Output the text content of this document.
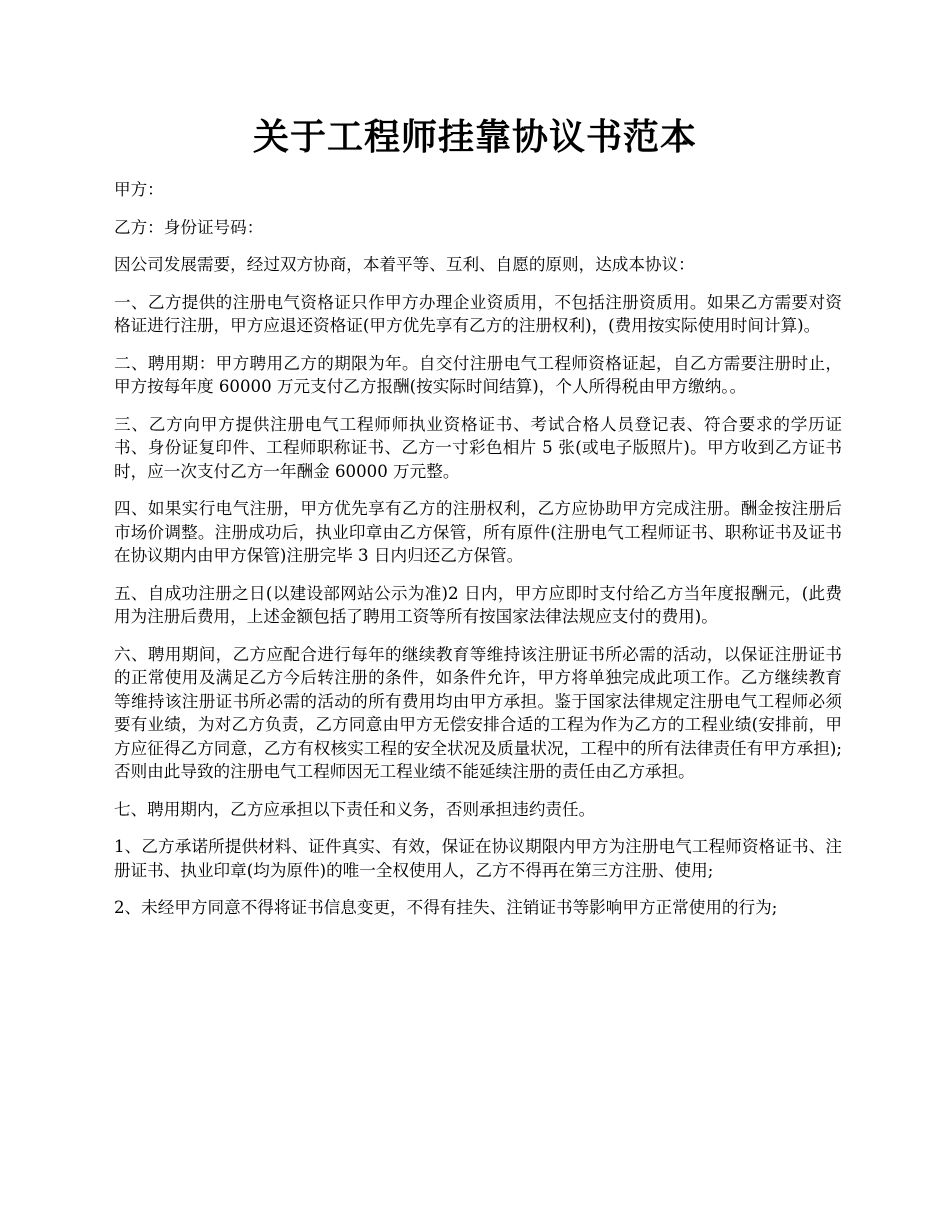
关于工程师挂靠协议书范本

甲方：

乙方：身份证号码：

因公司发展需要，经过双方协商，本着平等、互利、自愿的原则，达成本协议：

一、乙方提供的注册电气资格证只作甲方办理企业资质用，不包括注册资质用。如果乙方需要对资格证进行注册，甲方应退还资格证(甲方优先享有乙方的注册权利)，(费用按实际使用时间计算)。

二、聘用期：甲方聘用乙方的期限为年。自交付注册电气工程师资格证起，自乙方需要注册时止，甲方按每年度 60000 万元支付乙方报酬(按实际时间结算)，个人所得税由甲方缴纳。。

三、乙方向甲方提供注册电气工程师师执业资格证书、考试合格人员登记表、符合要求的学历证书、身份证复印件、工程师职称证书、乙方一寸彩色相片 5 张(或电子版照片)。甲方收到乙方证书时，应一次支付乙方一年酬金 60000 万元整。

四、如果实行电气注册，甲方优先享有乙方的注册权利，乙方应协助甲方完成注册。酬金按注册后市场价调整。注册成功后，执业印章由乙方保管，所有原件(注册电气工程师证书、职称证书及证书在协议期内由甲方保管)注册完毕 3 日内归还乙方保管。

五、自成功注册之日(以建设部网站公示为准)2 日内，甲方应即时支付给乙方当年度报酬元，(此费用为注册后费用，上述金额包括了聘用工资等所有按国家法律法规应支付的费用)。

六、聘用期间，乙方应配合进行每年的继续教育等维持该注册证书所必需的活动，以保证注册证书的正常使用及满足乙方今后转注册的条件，如条件允许，甲方将单独完成此项工作。乙方继续教育等维持该注册证书所必需的活动的所有费用均由甲方承担。鉴于国家法律规定注册电气工程师必须要有业绩，为对乙方负责，乙方同意由甲方无偿安排合适的工程为作为乙方的工程业绩(安排前，甲方应征得乙方同意，乙方有权核实工程的安全状况及质量状况，工程中的所有法律责任有甲方承担);否则由此导致的注册电气工程师因无工程业绩不能延续注册的责任由乙方承担。

七、聘用期内，乙方应承担以下责任和义务，否则承担违约责任。

1、乙方承诺所提供材料、证件真实、有效，保证在协议期限内甲方为注册电气工程师资格证书、注册证书、执业印章(均为原件)的唯一全权使用人，乙方不得再在第三方注册、使用;

2、未经甲方同意不得将证书信息变更，不得有挂失、注销证书等影响甲方正常使用的行为;
